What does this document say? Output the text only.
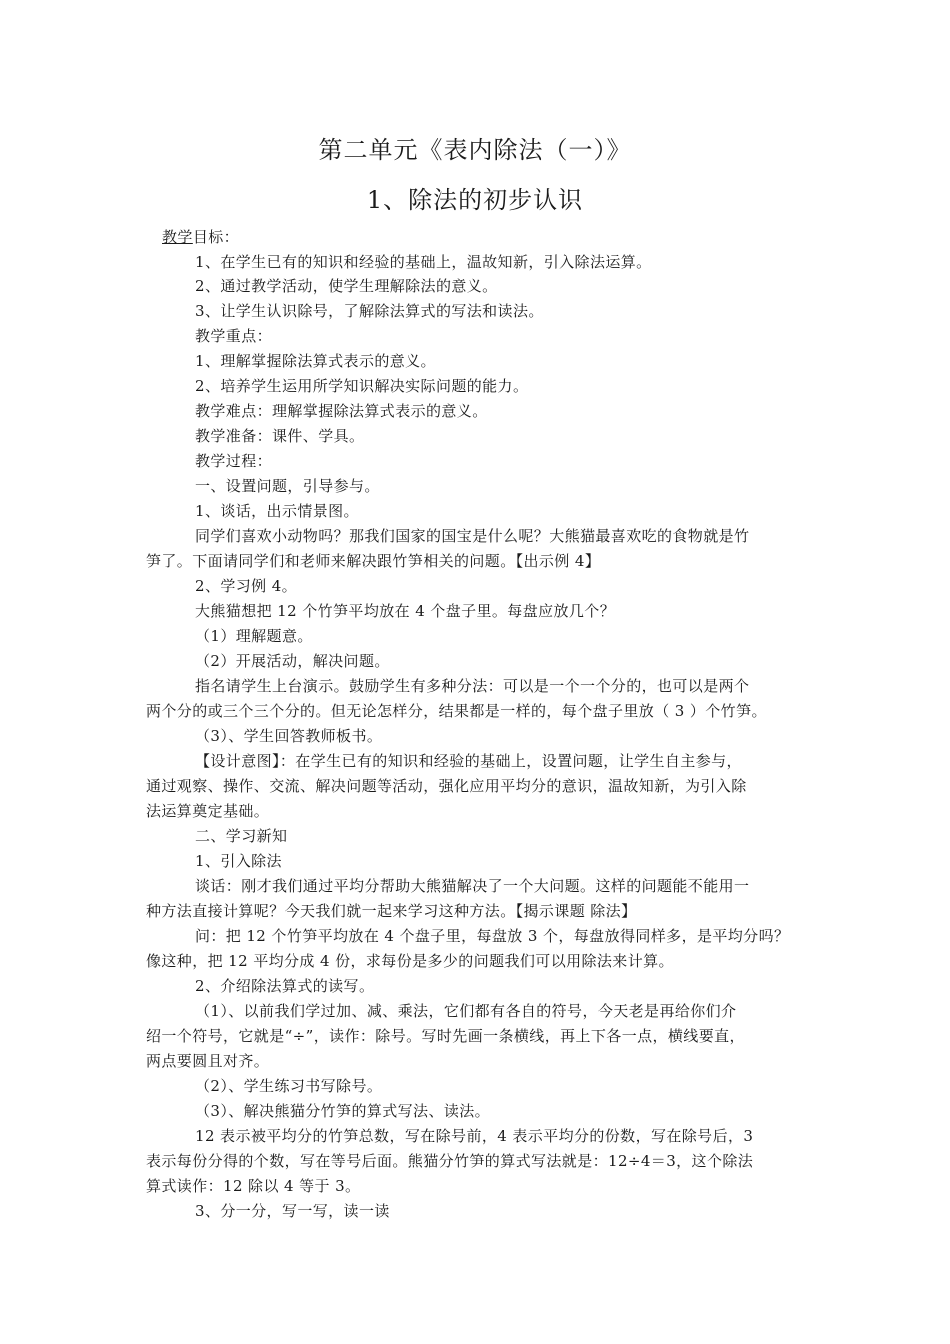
第二单元《表内除法（一）》
1、除法的初步认识
教学目标：
1、在学生已有的知识和经验的基础上，温故知新，引入除法运算。
2、通过教学活动，使学生理解除法的意义。
3、让学生认识除号，了解除法算式的写法和读法。
教学重点：
1、理解掌握除法算式表示的意义。
2、培养学生运用所学知识解决实际问题的能力。
教学难点：理解掌握除法算式表示的意义。
教学准备：课件、学具。
教学过程：
一、设置问题，引导参与。
1、谈话，出示情景图。
同学们喜欢小动物吗？那我们国家的国宝是什么呢？大熊猫最喜欢吃的食物就是竹
笋了。下面请同学们和老师来解决跟竹笋相关的问题。【出示例 4】
2、学习例 4。
大熊猫想把 12 个竹笋平均放在 4 个盘子里。每盘应放几个？
（1）理解题意。
（2）开展活动，解决问题。
指名请学生上台演示。鼓励学生有多种分法：可以是一个一个分的，也可以是两个
两个分的或三个三个分的。但无论怎样分，结果都是一样的，每个盘子里放（ 3 ）个竹笋。
（3）、学生回答教师板书。
【设计意图】：在学生已有的知识和经验的基础上，设置问题，让学生自主参与，
通过观察、操作、交流、解决问题等活动，强化应用平均分的意识，温故知新，为引入除
法运算奠定基础。
二、学习新知
1、引入除法
谈话：刚才我们通过平均分帮助大熊猫解决了一个大问题。这样的问题能不能用一
种方法直接计算呢？今天我们就一起来学习这种方法。【揭示课题 除法】
问：把 12 个竹笋平均放在 4 个盘子里，每盘放 3 个，每盘放得同样多，是平均分吗？
像这种，把 12 平均分成 4 份，求每份是多少的问题我们可以用除法来计算。
2、介绍除法算式的读写。
（1）、以前我们学过加、减、乘法，它们都有各自的符号，今天老是再给你们介
绍一个符号，它就是“÷”，读作：除号。写时先画一条横线，再上下各一点，横线要直，
两点要圆且对齐。
（2）、学生练习书写除号。
（3）、解决熊猫分竹笋的算式写法、读法。
12 表示被平均分的竹笋总数，写在除号前，4 表示平均分的份数，写在除号后，3
表示每份分得的个数，写在等号后面。熊猫分竹笋的算式写法就是：12÷4＝3，这个除法
算式读作：12 除以 4 等于 3。
3、分一分，写一写，读一读
